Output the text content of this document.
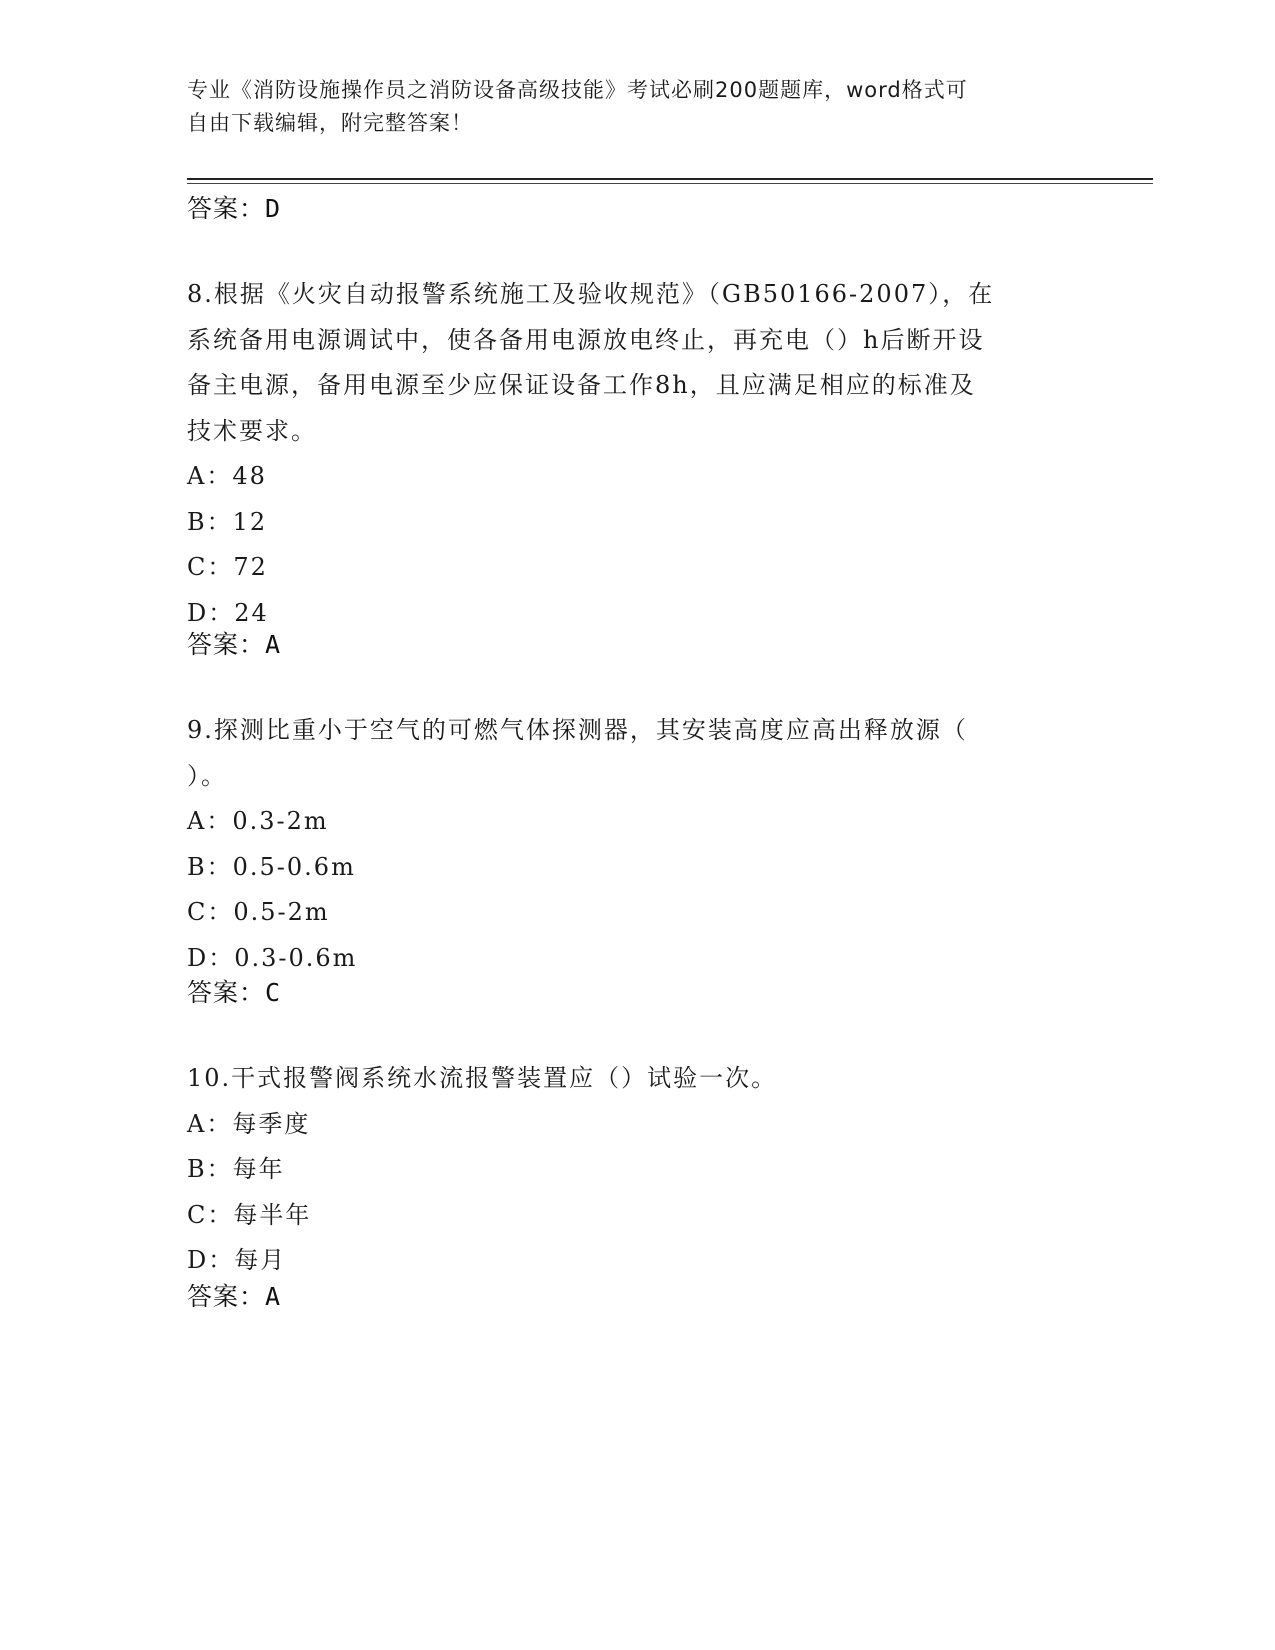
专业《消防设施操作员之消防设备高级技能》考试必刷200题题库，word格式可
自由下载编辑，附完整答案！
答案：D
8.根据《火灾自动报警系统施工及验收规范》（GB50166-2007），在
系统备用电源调试中，使各备用电源放电终止，再充电（）h后断开设
备主电源，备用电源至少应保证设备工作8h，且应满足相应的标准及
技术要求。
A：48
B：12
C：72
D：24
答案：A
9.探测比重小于空气的可燃气体探测器，其安装高度应高出释放源（
）。
A：0.3-2m
B：0.5-0.6m
C：0.5-2m
D：0.3-0.6m
答案：C
10.干式报警阀系统水流报警装置应（）试验一次。
A：每季度
B：每年
C：每半年
D：每月
答案：A
